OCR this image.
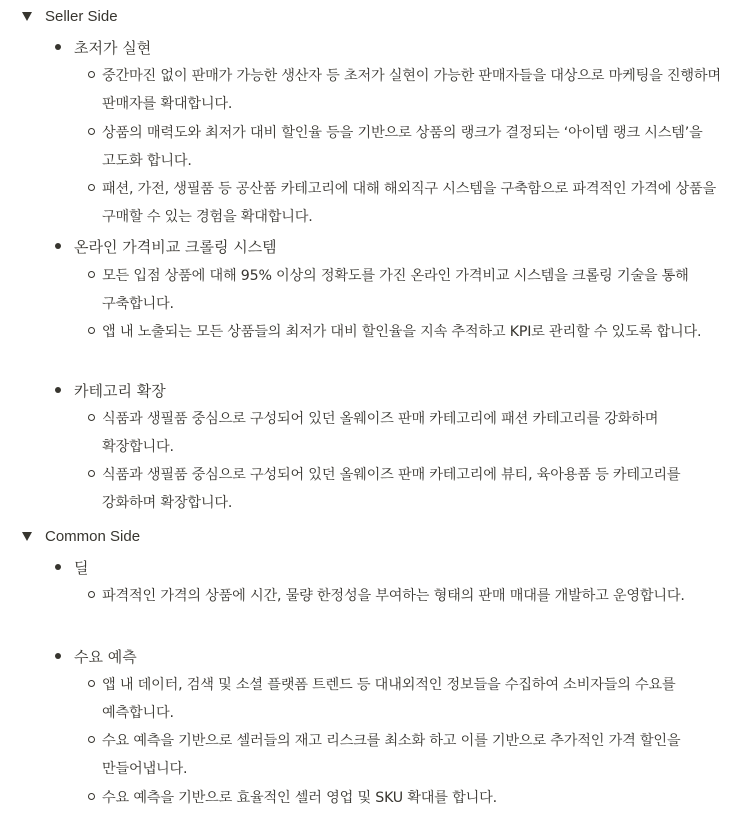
Seller Side
초저가 실현
중간마진 없이 판매가 가능한 생산자 등 초저가 실현이 가능한 판매자들을 대상으로 마케팅을 진행하며 판매자를 확대합니다.
상품의 매력도와 최저가 대비 할인율 등을 기반으로 상품의 랭크가 결정되는 ‘아이템 랭크 시스템’을 고도화 합니다.
패션, 가전, 생필품 등 공산품 카테고리에 대해 해외직구 시스템을 구축함으로 파격적인 가격에 상품을 구매할 수 있는 경험을 확대합니다.
온라인 가격비교 크롤링 시스템
모든 입점 상품에 대해 95% 이상의 정확도를 가진 온라인 가격비교 시스템을 크롤링 기술을 통해 구축합니다.
앱 내 노출되는 모든 상품들의 최저가 대비 할인율을 지속 추적하고 KPI로 관리할 수 있도록 합니다.
카테고리 확장
식품과 생필품 중심으로 구성되어 있던 올웨이즈 판매 카테고리에 패션 카테고리를 강화하며 확장합니다.
식품과 생필품 중심으로 구성되어 있던 올웨이즈 판매 카테고리에 뷰티, 육아용품 등 카테고리를 강화하며 확장합니다.
Common Side
딜
파격적인 가격의 상품에 시간, 물량 한정성을 부여하는 형태의 판매 매대를 개발하고 운영합니다.
수요 예측
앱 내 데이터, 검색 및 소셜 플랫폼 트렌드 등 대내외적인 정보들을 수집하여 소비자들의 수요를 예측합니다.
수요 예측을 기반으로 셀러들의 재고 리스크를 최소화 하고 이를 기반으로 추가적인 가격 할인을 만들어냅니다.
수요 예측을 기반으로 효율적인 셀러 영업 및 SKU 확대를 합니다.
